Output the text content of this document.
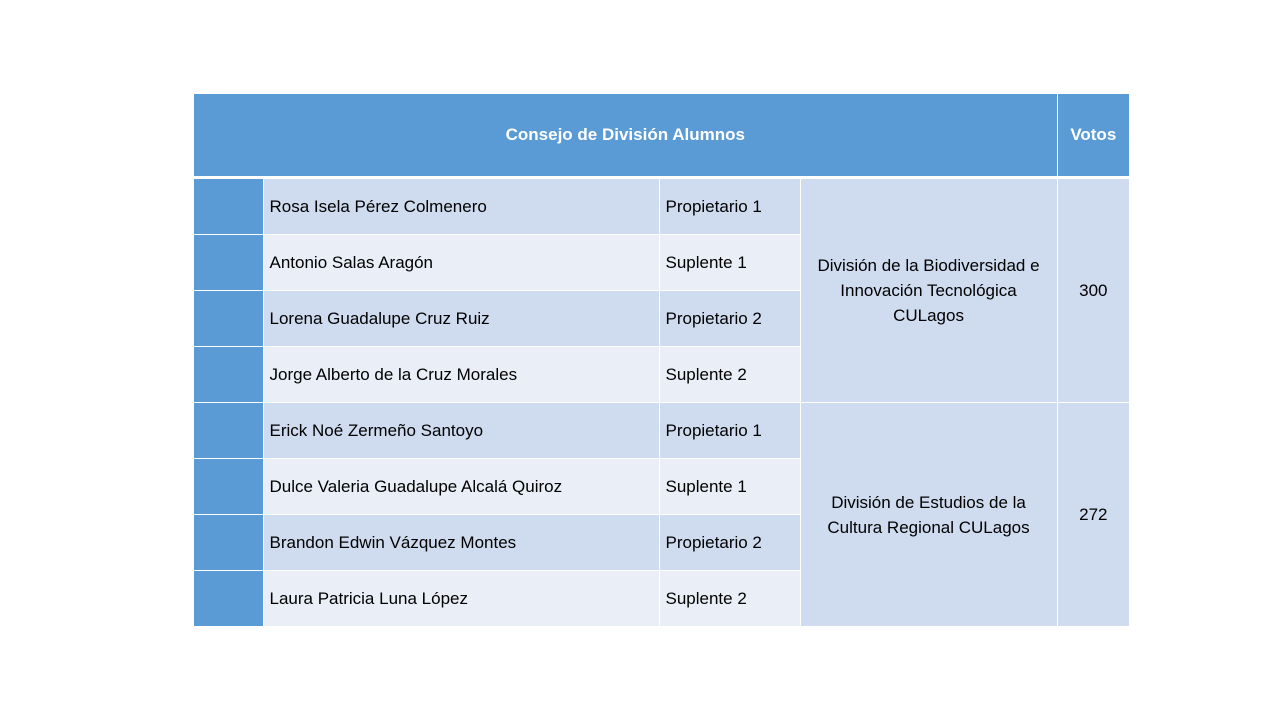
Consejo de División Alumnos				Votos
	Rosa Isela Pérez Colmenero	Propietario 1	División de la Biodiversidad e Innovación Tecnológica CULagos	300
	Antonio Salas Aragón	Suplente 1		
	Lorena Guadalupe Cruz Ruiz	Propietario 2		
	Jorge Alberto de la Cruz Morales	Suplente 2		
	Erick Noé Zermeño Santoyo	Propietario 1	División de Estudios de la Cultura Regional CULagos	272
	Dulce Valeria Guadalupe Alcalá Quiroz	Suplente 1		
	Brandon Edwin Vázquez Montes	Propietario 2		
	Laura Patricia Luna López	Suplente 2		
